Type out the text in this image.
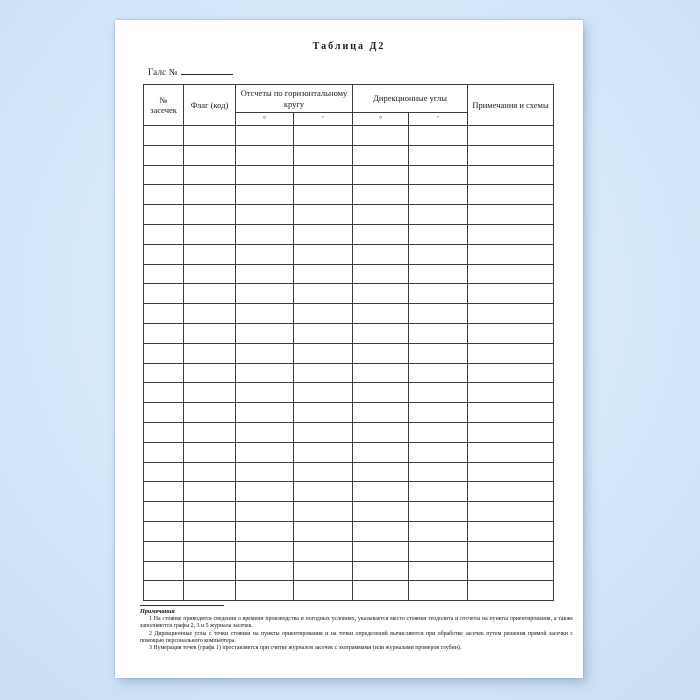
Таблица Д2
Галс №
№ засечек	Флаг (код)	Отсчеты по горизонтальному кругу		Дирекционные углы		Примечания и схемы
		°	′	°	′	

Примечания

1 На стоянке приводятся сведения о времени производства и погодных условиях, указывается место стоянки теодолита и отсчеты на пункты ориентирования, а также заполняются графы 2, 3 и 5 журнала засечек.

2 Дирекционные углы с точки стоянки на пункты ориентирования и на точки определений вычисляются при обработке засечек путем решения прямой засечки с помощью персонального компьютера.

3 Нумерация точек (графа 1) проставляется при считке журналов засечек с эхограммами (или журналами промеров глубин).
